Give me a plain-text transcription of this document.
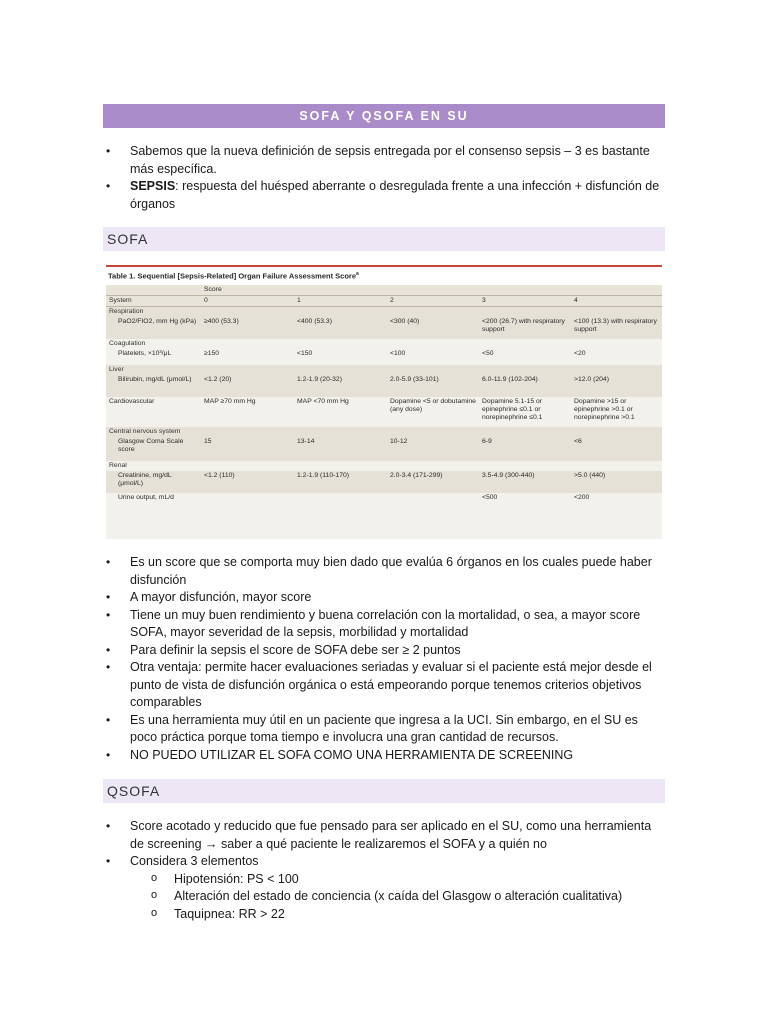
SOFA Y QSOFA EN SU
• Sabemos que la nueva definición de sepsis entregada por el consenso sepsis – 3 es bastante más específica.
• SEPSIS: respuesta del huésped aberrante o desregulada frente a una infección + disfunción de órganos
SOFA
Table 1. Sequential [Sepsis-Related] Organ Failure Assessment Score$^a$
	Score				
System	0	1	2	3	4
Respiration					
PaO2/FIO2, mm Hg (kPa)	≥400 (53.3)	<400 (53.3)	<300 (40)	<200 (26.7) with respiratory support	<100 (13.3) with respiratory support
Coagulation					
Platelets, ×10³/μL	≥150	<150	<100	<50	<20
Liver					
Bilirubin, mg/dL (μmol/L)	<1.2 (20)	1.2-1.9 (20-32)	2.0-5.9 (33-101)	6.0-11.9 (102-204)	>12.0 (204)
Cardiovascular	MAP ≥70 mm Hg	MAP <70 mm Hg	Dopamine <5 or dobutamine (any dose)	Dopamine 5.1-15 or epinephrine ≤0.1 or norepinephrine ≤0.1	Dopamine >15 or epinephrine >0.1 or norepinephrine >0.1
Central nervous system					
Glasgow Coma Scale score	15	13-14	10-12	6-9	<6
Renal					
Creatinine, mg/dL (μmol/L)	<1.2 (110)	1.2-1.9 (110-170)	2.0-3.4 (171-299)	3.5-4.9 (300-440)	>5.0 (440)
Urine output, mL/d				<500	<200
• Es un score que se comporta muy bien dado que evalúa 6 órganos en los cuales puede haber disfunción
• A mayor disfunción, mayor score
• Tiene un muy buen rendimiento y buena correlación con la mortalidad, o sea, a mayor score SOFA, mayor severidad de la sepsis, morbilidad y mortalidad
• Para definir la sepsis el score de SOFA debe ser ≥ 2 puntos
• Otra ventaja: permite hacer evaluaciones seriadas y evaluar si el paciente está mejor desde el punto de vista de disfunción orgánica o está empeorando porque tenemos criterios objetivos comparables
• Es una herramienta muy útil en un paciente que ingresa a la UCI. Sin embargo, en el SU es poco práctica porque toma tiempo e involucra una gran cantidad de recursos.
• NO PUEDO UTILIZAR EL SOFA COMO UNA HERRAMIENTA DE SCREENING
QSOFA
• Score acotado y reducido que fue pensado para ser aplicado en el SU, como una herramienta de screening → saber a qué paciente le realizaremos el SOFA y a quién no
• Considera 3 elementos
o Hipotensión: PS < 100
o Alteración del estado de conciencia (x caída del Glasgow o alteración cualitativa)
o Taquipnea: RR > 22
